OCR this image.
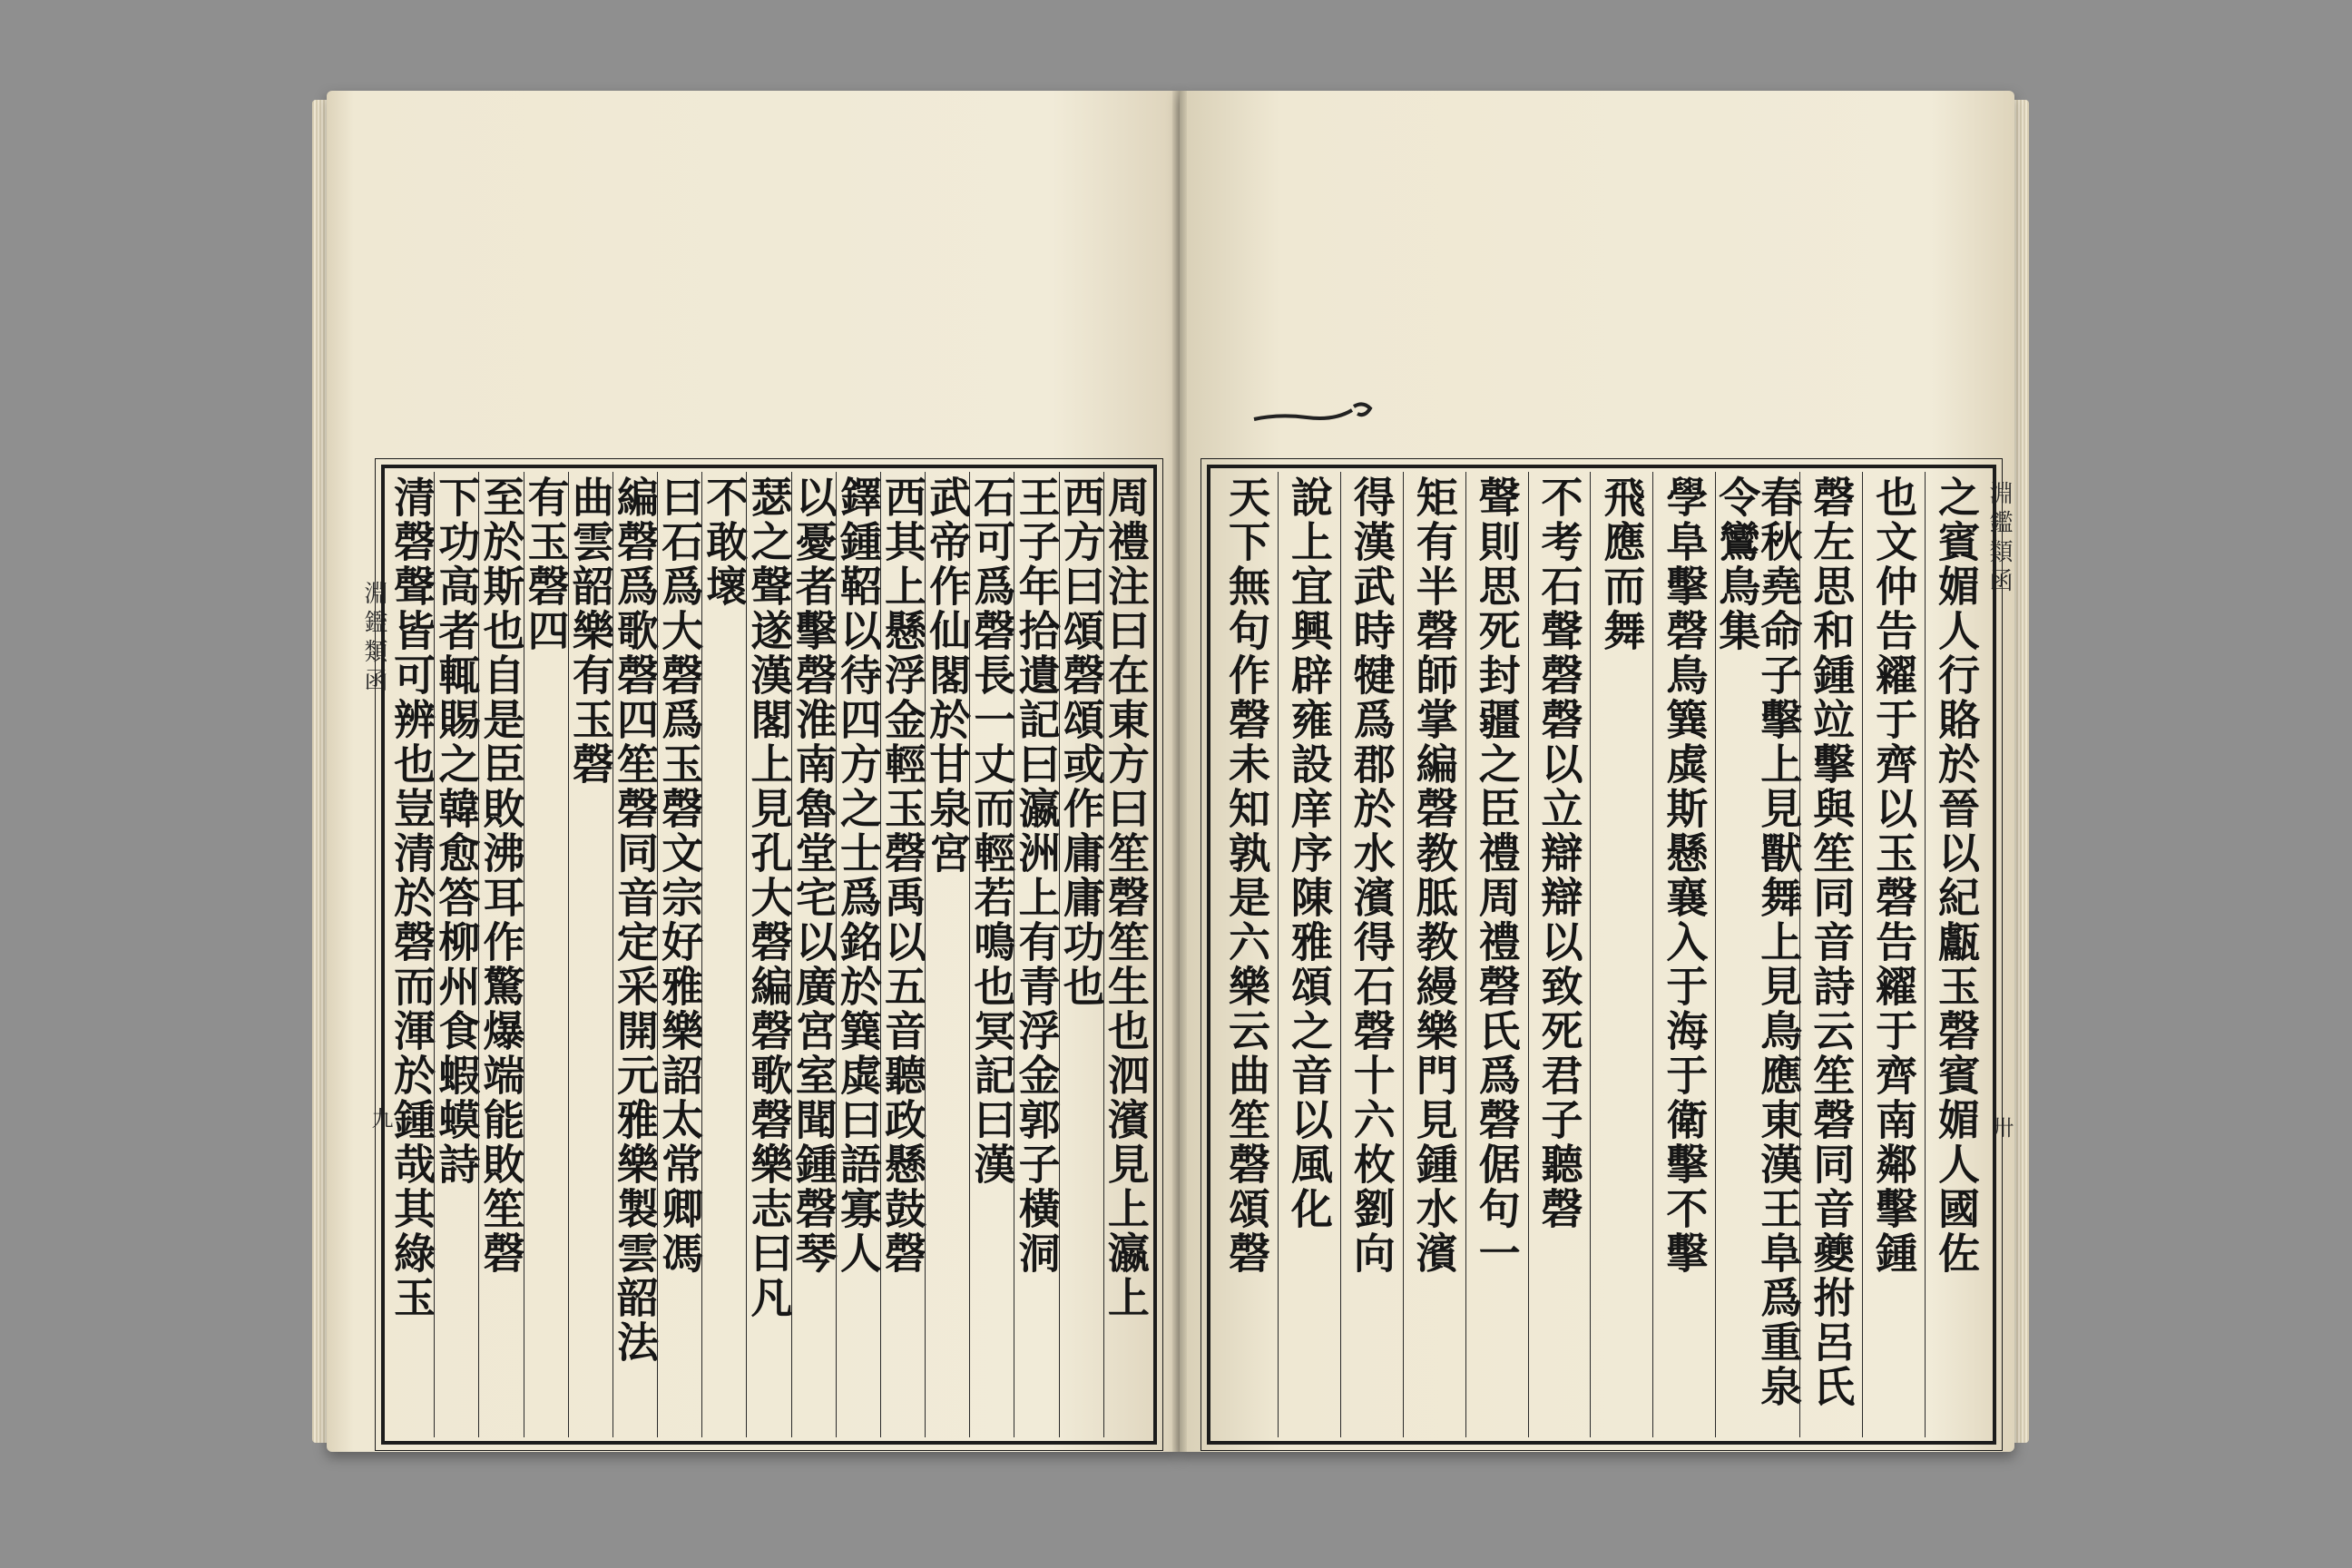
淵鑑類函
九
淵鑑類函
卅
周禮注曰在東方曰笙磬笙生也泗濱見上瀛上
西方曰頌磬頌或作庸庸功也
王子年拾遺記曰瀛洲上有青浮金郭子橫洞
石可爲磬長一丈而輕若鳴也冥記曰漢
武帝作仙閣於甘泉宮
西其上懸浮金輕玉磬禹以五音聽政懸鼓磬
鐸鍾鞀以待四方之士爲銘於簨虡曰語寡人
以憂者擊磬淮南魯堂宅以廣宮室聞鍾磬琴
瑟之聲遂漢閣上見孔大磬編磬歌磬樂志曰凡
不敢壞
曰石爲大磬爲玉磬文宗好雅樂詔太常卿馮
編磬爲歌磬四笙磬同音定采開元雅樂製雲韶法
曲雲韶樂有玉磬
有玉磬四
至於斯也自是臣敗沸耳作驚爆端能敗笙磬
下功高者輒賜之韓愈答柳州食蝦蟆詩
清磬聲皆可辨也豈清於磬而渾於鍾哉其綠玉	之賓媚人行賂於晉以紀甗玉磬賓媚人國佐
也文仲告糴于齊以玉磬告糴于齊南鄰擊鍾
磬左思和鍾竝擊與笙同音詩云笙磬同音夔拊呂氏
春秋堯命子擊上見獸舞上見鳥應東漢王阜爲重泉令鸞鳥集
學阜擊磬鳥簨虡斯懸襄入于海于衛擊不擊
飛應而舞
不考石聲磬磬以立辯辯以致死君子聽磬
聲則思死封疆之臣禮周禮磬氏爲磬倨句一
矩有半磬師掌編磬教胝教縵樂門見鍾水濱
得漢武時犍爲郡於水濱得石磬十六枚劉向
說上宜興辟雍設庠序陳雅頌之音以風化
天下無句作磬未知孰是六樂云曲笙磬頌磬
